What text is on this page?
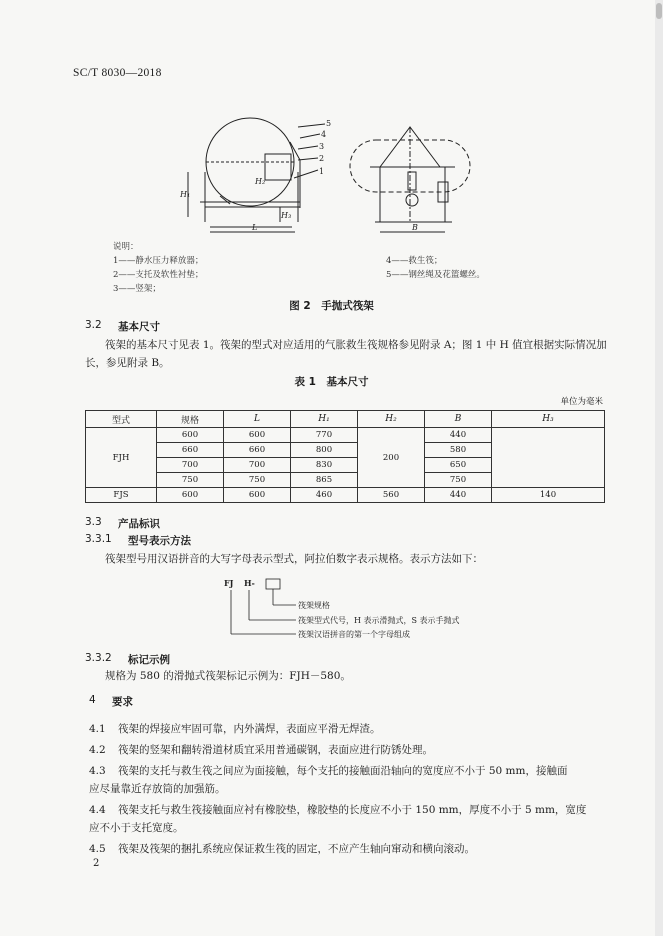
SC/T 8030—2018
5
4
3
2
1
H₁
H₂
H₃
L	B
说明：
1——静水压力释放器；
2——支托及软性衬垫；
3——竖架；
4——救生筏；
5——钢丝绳及花篮螺丝。
图 2　手抛式筏架
3.2 基本尺寸
筏架的基本尺寸见表 1。筏架的型式对应适用的气胀救生筏规格参见附录 A；图 1 中 H 值宜根据实际情况加长，参见附录 B。
表 1　基本尺寸
单位为毫米
型式	规格	L	H₁	H₂	B	H₃
FJH	600	600	770	200	440	
	660	660	800		580	
	700	700	830		650	
	750	750	865		750	
FJS	600	600	460	560	440	140
3.3 产品标识
3.3.1 型号表示方法
筏架型号用汉语拼音的大写字母表示型式，阿拉伯数字表示规格。表示方法如下：
FJ H-
筏架规格
筏架型式代号，H 表示滑抛式，S 表示手抛式
筏架汉语拼音的第一个字母组成
3.3.2 标记示例
规格为 580 的滑抛式筏架标记示例为：FJH－580。
4 要求
4.1 筏架的焊接应牢固可靠，内外满焊，表面应平滑无焊渣。
4.2 筏架的竖架和翻转滑道材质宜采用普通碳钢，表面应进行防锈处理。
4.3 筏架的支托与救生筏之间应为面接触，每个支托的接触面沿轴向的宽度应不小于 50 mm，接触面
应尽量靠近存放筒的加强筋。
4.4 筏架支托与救生筏接触面应衬有橡胶垫，橡胶垫的长度应不小于 150 mm，厚度不小于 5 mm，宽度
应不小于支托宽度。
4.5 筏架及筏架的捆扎系统应保证救生筏的固定，不应产生轴向窜动和横向滚动。
2
